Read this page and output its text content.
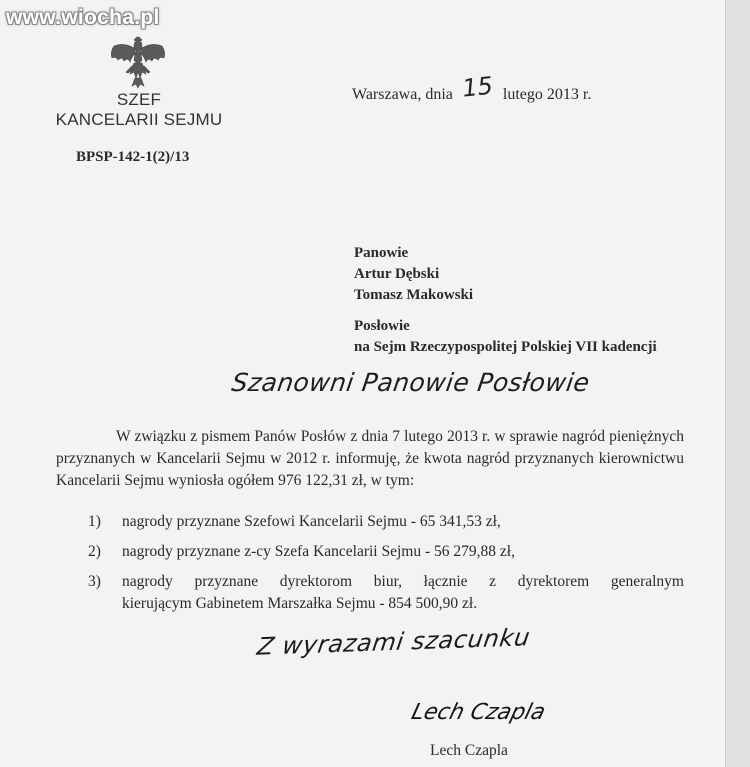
www.wiocha.pl
SZEF
KANCELARII SEJMU
BPSP-142-1(2)/13
Warszawa, dnia 15 lutego 2013 r.
Panowie
Artur Dębski
Tomasz Makowski
Posłowie
na Sejm Rzeczypospolitej Polskiej VII kadencji
Szanowni Panowie Posłowie
W związku z pismem Panów Posłów z dnia 7 lutego 2013 r. w sprawie nagród pieniężnych przyznanych w Kancelarii Sejmu w 2012 r. informuję, że kwota nagród przyznanych kierownictwu Kancelarii Sejmu wyniosła ogółem 976 122,31 zł, w tym:
1) nagrody przyznane Szefowi Kancelarii Sejmu - 65 341,53 zł,
2) nagrody przyznane z-cy Szefa Kancelarii Sejmu - 56 279,88 zł,
3) nagrody przyznane dyrektorom biur, łącznie z dyrektorem generalnym
kierującym Gabinetem Marszałka Sejmu - 854 500,90 zł.
Z wyrazami szacunku
Lech Czapla
Lech Czapla
